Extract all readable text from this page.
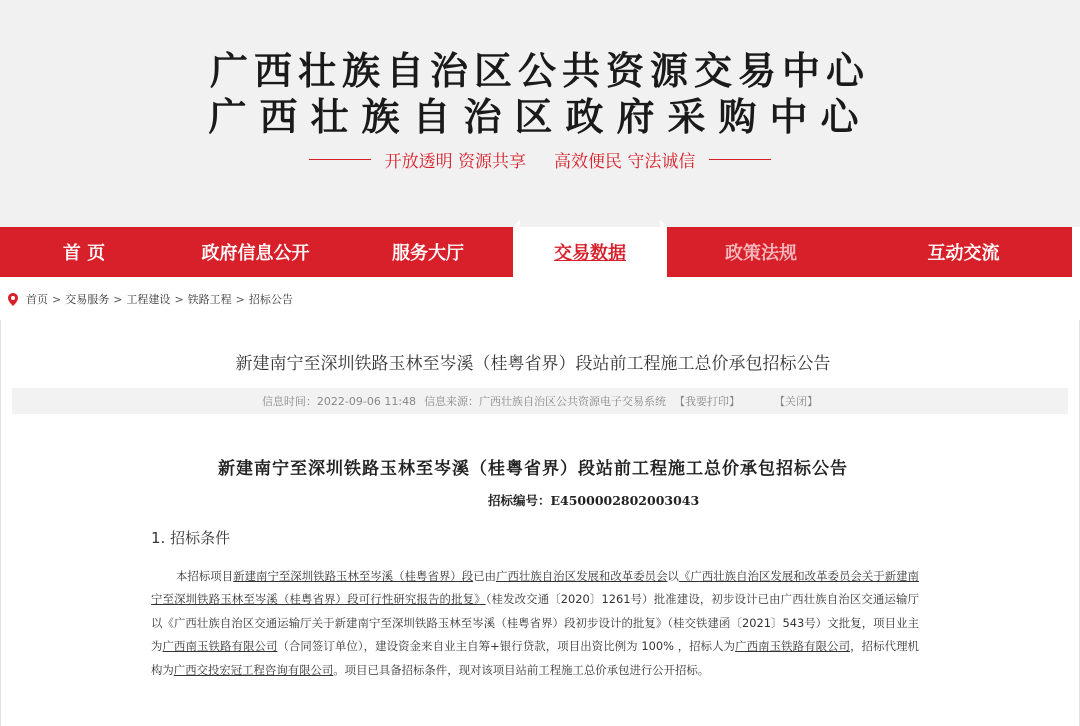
广西壮族自治区公共资源交易中心
广西壮族自治区政府采购中心
开放透明 资源共享 高效便民 守法诚信
首 页	政府信息公开	服务大厅	交易数据	政策法规	互动交流
首页 > 交易服务 > 工程建设 > 铁路工程 > 招标公告
新建南宁至深圳铁路玉林至岑溪（桂粤省界）段站前工程施工总价承包招标公告
信息时间：2022-09-06 11:48 信息来源：广西壮族自治区公共资源电子交易系统 【我要打印】	【关闭】
新建南宁至深圳铁路玉林至岑溪（桂粤省界）段站前工程施工总价承包招标公告
招标编号：E4500002802003043
1. 招标条件
本招标项目新建南宁至深圳铁路玉林至岑溪（桂粤省界）段已由广西壮族自治区发展和改革委员会以《广西壮族自治区发展和改革委员会关于新建南宁至深圳铁路玉林至岑溪（桂粤省界）段可行性研究报告的批复》（桂发改交通〔2020〕1261号）批准建设，初步设计已由广西壮族自治区交通运输厅以《广西壮族自治区交通运输厅关于新建南宁至深圳铁路玉林至岑溪（桂粤省界）段初步设计的批复》（桂交铁建函〔2021〕543号）文批复，项目业主为广西南玉铁路有限公司（合同签订单位），建设资金来自业主自筹+银行贷款，项目出资比例为 100% ，招标人为广西南玉铁路有限公司，招标代理机构为广西交投宏冠工程咨询有限公司。项目已具备招标条件，现对该项目站前工程施工总价承包进行公开招标。
